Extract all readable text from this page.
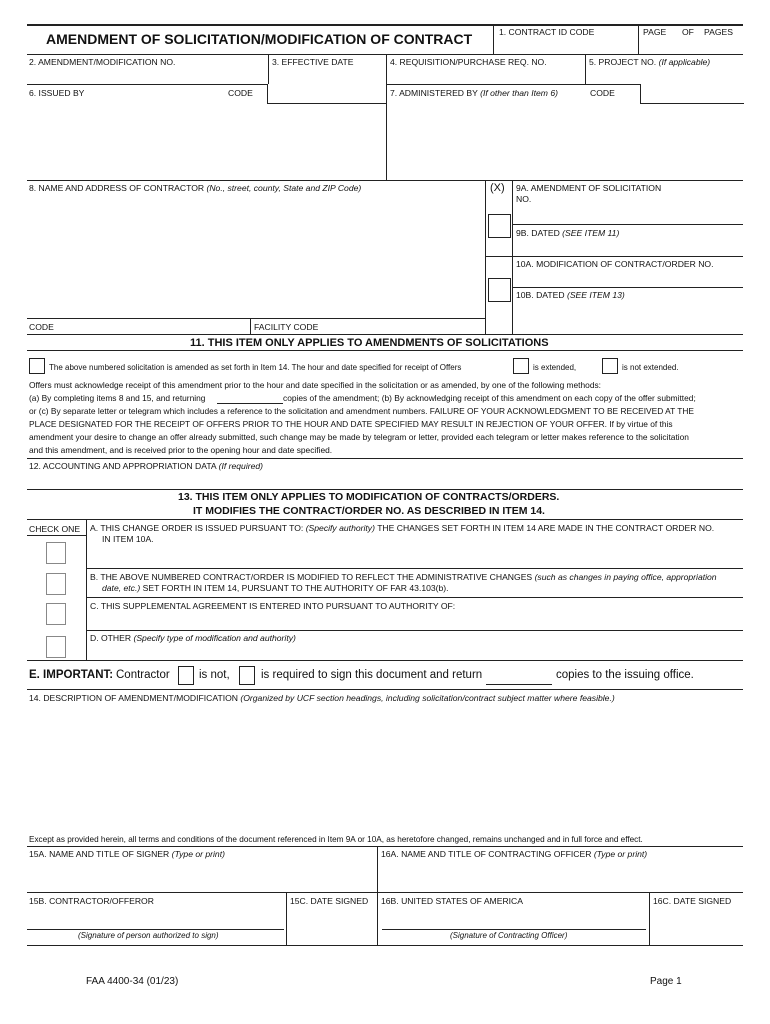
AMENDMENT OF SOLICITATION/MODIFICATION OF CONTRACT	1. CONTRACT ID CODE	PAGE OF PAGES
2. AMENDMENT/MODIFICATION NO.	3. EFFECTIVE DATE	4. REQUISITION/PURCHASE REQ. NO.	5. PROJECT NO. (If applicable)
6. ISSUED BY	CODE	7. ADMINISTERED BY (If other than Item 6)	CODE
8. NAME AND ADDRESS OF CONTRACTOR (No., street, county, State and ZIP Code)	(X) 9A. AMENDMENT OF SOLICITATION
NO.
9B. DATED (SEE ITEM 11)
10A. MODIFICATION OF CONTRACT/ORDER NO.
10B. DATED (SEE ITEM 13)
CODE	FACILITY CODE
11. THIS ITEM ONLY APPLIES TO AMENDMENTS OF SOLICITATIONS
The above numbered solicitation is amended as set forth in Item 14. The hour and date specified for receipt of Offers	is extended,	is not extended.
Offers must acknowledge receipt of this amendment prior to the hour and date specified in the solicitation or as amended, by one of the following methods:
(a) By completing items 8 and 15, and returning	copies of the amendment; (b) By acknowledging receipt of this amendment on each copy of the offer submitted;
or (c) By separate letter or telegram which includes a reference to the solicitation and amendment numbers. FAILURE OF YOUR ACKNOWLEDGMENT TO BE RECEIVED AT THE
PLACE DESIGNATED FOR THE RECEIPT OF OFFERS PRIOR TO THE HOUR AND DATE SPECIFIED MAY RESULT IN REJECTION OF YOUR OFFER. If by virtue of this
amendment your desire to change an offer already submitted, such change may be made by telegram or letter, provided each telegram or letter makes reference to the solicitation
and this amendment, and is received prior to the opening hour and date specified.
12. ACCOUNTING AND APPROPRIATION DATA (If required)
13. THIS ITEM ONLY APPLIES TO MODIFICATION OF CONTRACTS/ORDERS.
IT MODIFIES THE CONTRACT/ORDER NO. AS DESCRIBED IN ITEM 14.
CHECK ONE A. THIS CHANGE ORDER IS ISSUED PURSUANT TO: (Specify authority) THE CHANGES SET FORTH IN ITEM 14 ARE MADE IN THE CONTRACT ORDER NO.
IN ITEM 10A.
B. THE ABOVE NUMBERED CONTRACT/ORDER IS MODIFIED TO REFLECT THE ADMINISTRATIVE CHANGES (such as changes in paying office, appropriation
date, etc.) SET FORTH IN ITEM 14, PURSUANT TO THE AUTHORITY OF FAR 43.103(b).
C. THIS SUPPLEMENTAL AGREEMENT IS ENTERED INTO PURSUANT TO AUTHORITY OF:
D. OTHER (Specify type of modification and authority)
E. IMPORTANT: Contractor	is not,	is required to sign this document and return	copies to the issuing office.
14. DESCRIPTION OF AMENDMENT/MODIFICATION (Organized by UCF section headings, including solicitation/contract subject matter where feasible.)
Except as provided herein, all terms and conditions of the document referenced in Item 9A or 10A, as heretofore changed, remains unchanged and in full force and effect.
15A. NAME AND TITLE OF SIGNER (Type or print)	16A. NAME AND TITLE OF CONTRACTING OFFICER (Type or print)
15B. CONTRACTOR/OFFEROR	15C. DATE SIGNED 16B. UNITED STATES OF AMERICA	16C. DATE SIGNED
(Signature of person authorized to sign)	(Signature of Contracting Officer)
FAA 4400-34 (01/23)	Page 1
